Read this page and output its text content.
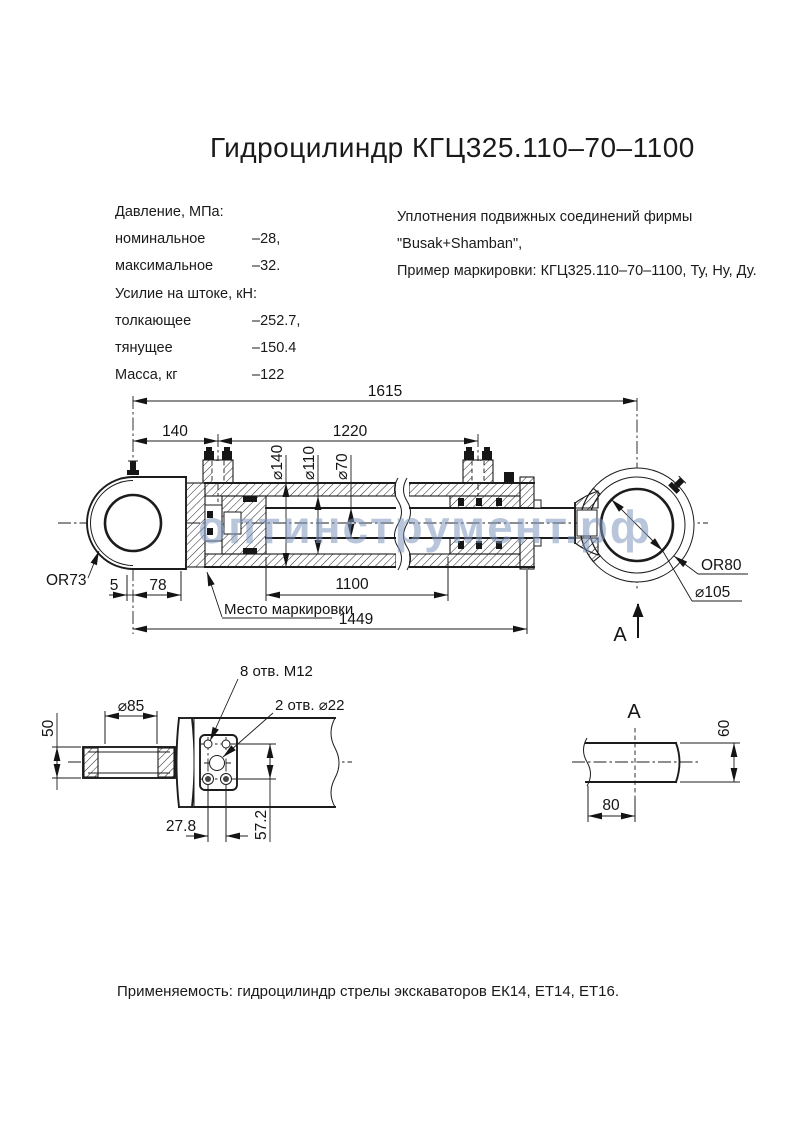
1615
140	1220
⌀140 ⌀110 ⌀70
OR73 5 78	1100
Место маркировки
1449
OR80
⌀105
А
8 отв. М12
2 отв. ⌀22
⌀85
50
27.8	57.2
А
60
80
оптинструмент.рф
Гидроцилиндр КГЦ325.110–70–1100
Давление, МПа:
номинальное	–28,
максимальное	–32.
Усилие на штоке, кН:
толкающее	–252.7,
тянущее	–150.4
Масса, кг	–122
Уплотнения подвижных соединений фирмы
"Busak+Shamban",
Пример маркировки: КГЦ325.110–70–1100, Ту, Ну, Ду.
Применяемость: гидроцилиндр стрелы экскаваторов ЕК14, ЕТ14, ЕТ16.
